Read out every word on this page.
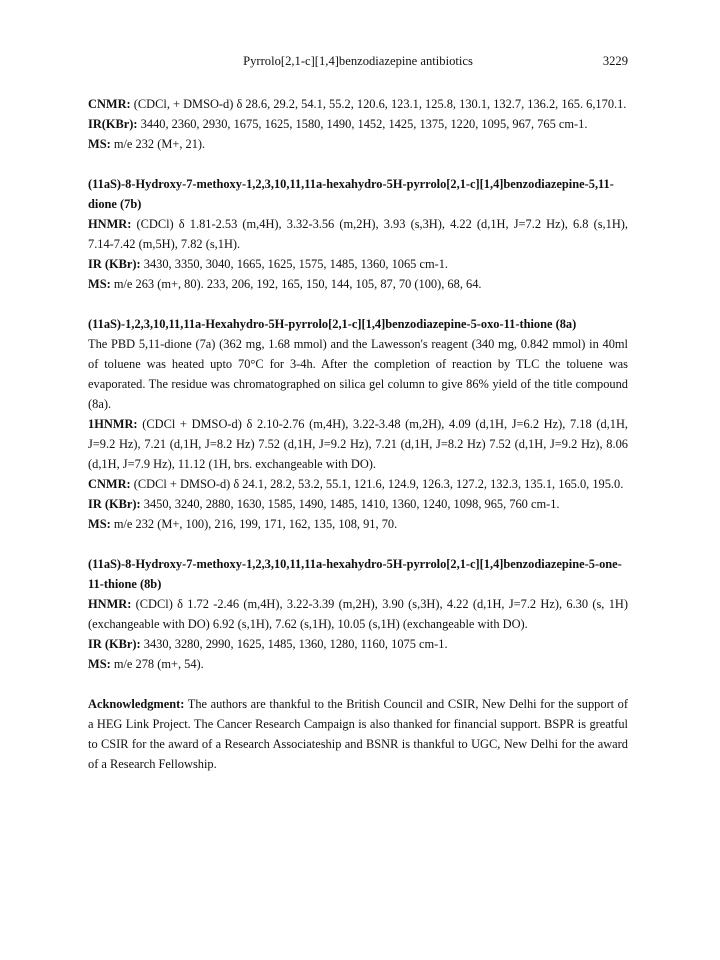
Pyrrolo[2,1-c][1,4]benzodiazepine antibiotics	3229

CNMR: (CDCl, + DMSO-d) δ 28.6, 29.2, 54.1, 55.2, 120.6, 123.1, 125.8, 130.1, 132.7, 136.2, 165. 6,170.1.

IR(KBr): 3440, 2360, 2930, 1675, 1625, 1580, 1490, 1452, 1425, 1375, 1220, 1095, 967, 765 cm-1.

MS: m/e 232 (M+, 21).

(11aS)-8-Hydroxy-7-methoxy-1,2,3,10,11,11a-hexahydro-5H-pyrrolo[2,1-c][1,4]benzodiazepine-5,11-dione (7b)

HNMR: (CDCl) δ 1.81-2.53 (m,4H), 3.32-3.56 (m,2H), 3.93 (s,3H), 4.22 (d,1H, J=7.2 Hz), 6.8 (s,1H), 7.14-7.42 (m,5H), 7.82 (s,1H).

IR (KBr): 3430, 3350, 3040, 1665, 1625, 1575, 1485, 1360, 1065 cm-1.

MS: m/e 263 (m+, 80). 233, 206, 192, 165, 150, 144, 105, 87, 70 (100), 68, 64.

(11aS)-1,2,3,10,11,11a-Hexahydro-5H-pyrrolo[2,1-c][1,4]benzodiazepine-5-oxo-11-thione (8a)

The PBD 5,11-dione (7a) (362 mg, 1.68 mmol) and the Lawesson's reagent (340 mg, 0.842 mmol) in 40ml of toluene was heated upto 70°C for 3-4h. After the completion of reaction by TLC the toluene was evaporated. The residue was chromatographed on silica gel column to give 86% yield of the title compound (8a).

1HNMR: (CDCl + DMSO-d) δ 2.10-2.76 (m,4H), 3.22-3.48 (m,2H), 4.09 (d,1H, J=6.2 Hz), 7.18 (d,1H, J=9.2 Hz), 7.21 (d,1H, J=8.2 Hz) 7.52 (d,1H, J=9.2 Hz), 7.21 (d,1H, J=8.2 Hz) 7.52 (d,1H, J=9.2 Hz), 8.06 (d,1H, J=7.9 Hz), 11.12 (1H, brs. exchangeable with DO).

CNMR: (CDCl + DMSO-d) δ 24.1, 28.2, 53.2, 55.1, 121.6, 124.9, 126.3, 127.2, 132.3, 135.1, 165.0, 195.0.

IR (KBr): 3450, 3240, 2880, 1630, 1585, 1490, 1485, 1410, 1360, 1240, 1098, 965, 760 cm-1.

MS: m/e 232 (M+, 100), 216, 199, 171, 162, 135, 108, 91, 70.

(11aS)-8-Hydroxy-7-methoxy-1,2,3,10,11,11a-hexahydro-5H-pyrrolo[2,1-c][1,4]benzodiazepine-5-one-11-thione (8b)

HNMR: (CDCl) δ 1.72 -2.46 (m,4H), 3.22-3.39 (m,2H), 3.90 (s,3H), 4.22 (d,1H, J=7.2 Hz), 6.30 (s, 1H) (exchangeable with DO) 6.92 (s,1H), 7.62 (s,1H), 10.05 (s,1H) (exchangeable with DO).

IR (KBr): 3430, 3280, 2990, 1625, 1485, 1360, 1280, 1160, 1075 cm-1.

MS: m/e 278 (m+, 54).

Acknowledgment: The authors are thankful to the British Council and CSIR, New Delhi for the support of a HEG Link Project. The Cancer Research Campaign is also thanked for financial support. BSPR is greatful to CSIR for the award of a Research Associateship and BSNR is thankful to UGC, New Delhi for the award of a Research Fellowship.
